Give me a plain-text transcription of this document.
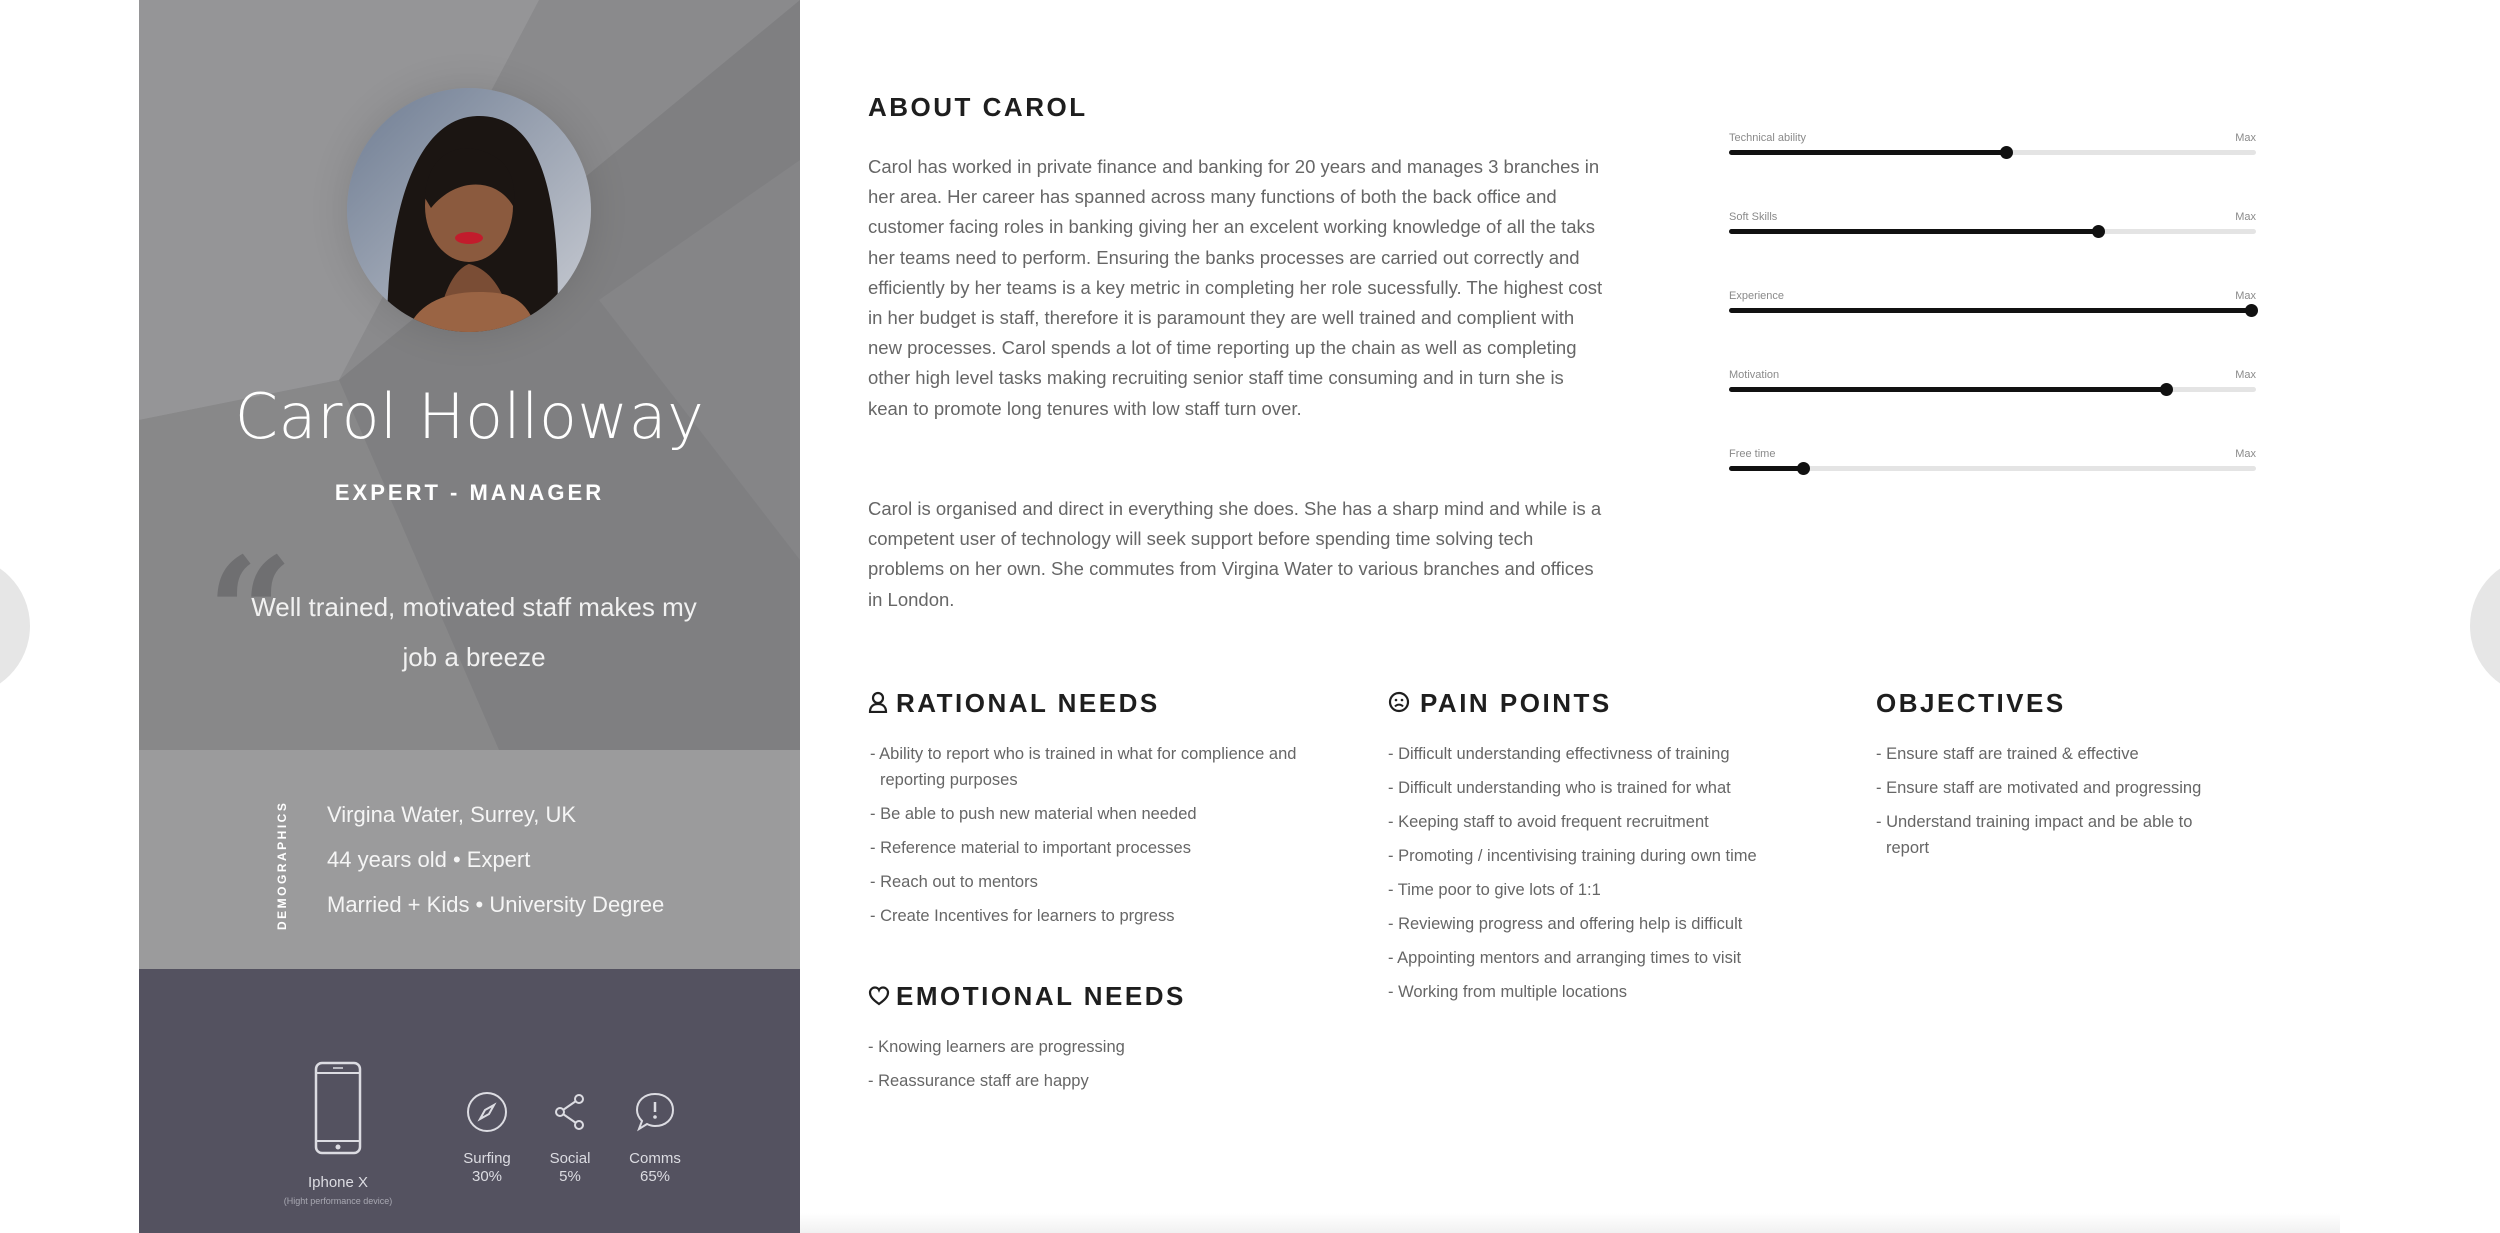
Carol Holloway
EXPERT - MANAGER
“
Well trained, motivated staff makes my job a breeze
DEMOGRAPHICS Virgina Water, Surrey, UK
44 years old • Expert
Married + Kids • University Degree
Iphone X
(Hight performance device)
Surfing
30%
Social
5%
Comms
65%
ABOUT CAROL

Carol has worked in private finance and banking for 20 years and manages 3 branches in her area. Her career has spanned across many functions of both the back office and customer facing roles in banking giving her an excelent working knowledge of all the taks her teams need to perform. Ensuring the banks processes are carried out correctly and efficiently by her teams is a key metric in completing her role sucessfully. The highest cost in her budget is staff, therefore it is paramount they are well trained and complient with new processes. Carol spends a lot of time reporting up the chain as well as completing other high level tasks making recruiting senior staff time consuming and in turn she is kean to promote long tenures with low staff turn over.

Carol is organised and direct in everything she does. She has a sharp mind and while is a competent user of technology will seek support before spending time solving tech problems on her own. She commutes from Virgina Water to various branches and offices in London.

Technical ability	Max
Soft Skills	Max
Experience	Max
Motivation	Max
Free time	Max
RATIONAL NEEDS
- Ability to report who is trained in what for complience and reporting purposes
- Be able to push new material when needed
- Reference material to important processes
- Reach out to mentors
- Create Incentives for learners to prgress
EMOTIONAL NEEDS
- Knowing learners are progressing
- Reassurance staff are happy
PAIN POINTS
- Difficult understanding effectivness of training
- Difficult understanding who is trained for what
- Keeping staff to avoid frequent recruitment
- Promoting / incentivising training during own time
- Time poor to give lots of 1:1
- Reviewing progress and offering help is difficult
- Appointing mentors and arranging times to visit
- Working from multiple locations
OBJECTIVES
- Ensure staff are trained & effective
- Ensure staff are motivated and progressing
- Understand training impact and be able to report
